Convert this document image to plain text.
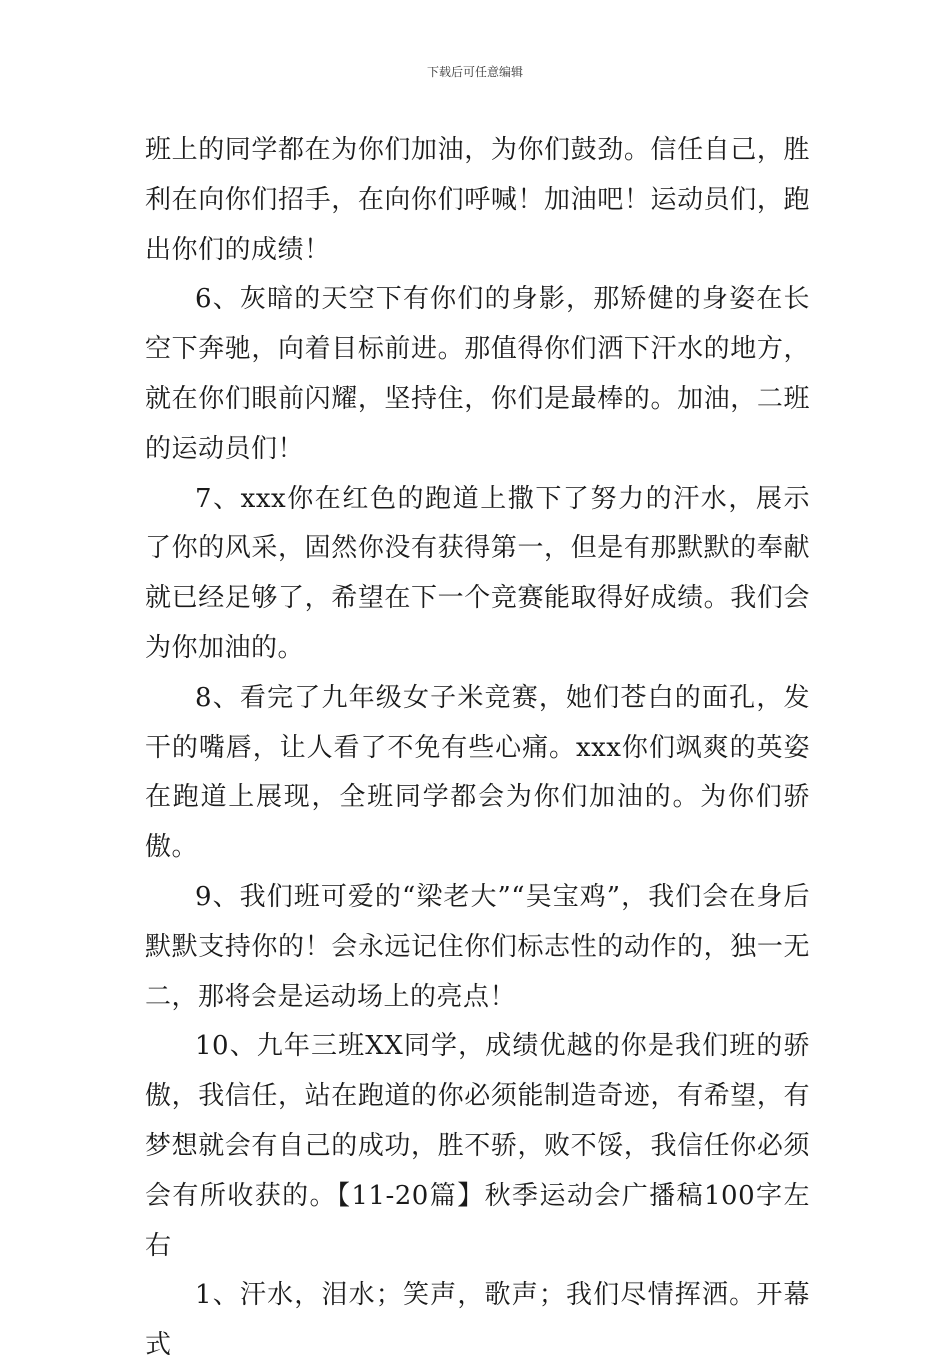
下载后可任意编辑

班上的同学都在为你们加油，为你们鼓劲。信任自己，胜利在向你们招手，在向你们呼喊！加油吧！运动员们，跑出你们的成绩！

6、灰暗的天空下有你们的身影，那矫健的身姿在长空下奔驰，向着目标前进。那值得你们洒下汗水的地方，就在你们眼前闪耀，坚持住，你们是最棒的。加油，二班的运动员们！

7、xxx你在红色的跑道上撒下了努力的汗水，展示了你的风采，固然你没有获得第一，但是有那默默的奉献就已经足够了，希望在下一个竞赛能取得好成绩。我们会为你加油的。

8、看完了九年级女子米竞赛，她们苍白的面孔，发干的嘴唇，让人看了不免有些心痛。xxx你们飒爽的英姿在跑道上展现，全班同学都会为你们加油的。为你们骄傲。

9、我们班可爱的“梁老大”“吴宝鸡”，我们会在身后默默支持你的！会永远记住你们标志性的动作的，独一无二，那将会是运动场上的亮点！

10、九年三班XX同学，成绩优越的你是我们班的骄傲，我信任，站在跑道的你必须能制造奇迹，有希望，有梦想就会有自己的成功，胜不骄，败不馁，我信任你必须会有所收获的。【11-20篇】秋季运动会广播稿100字左右

1、汗水，泪水；笑声，歌声；我们尽情挥洒。开幕式
